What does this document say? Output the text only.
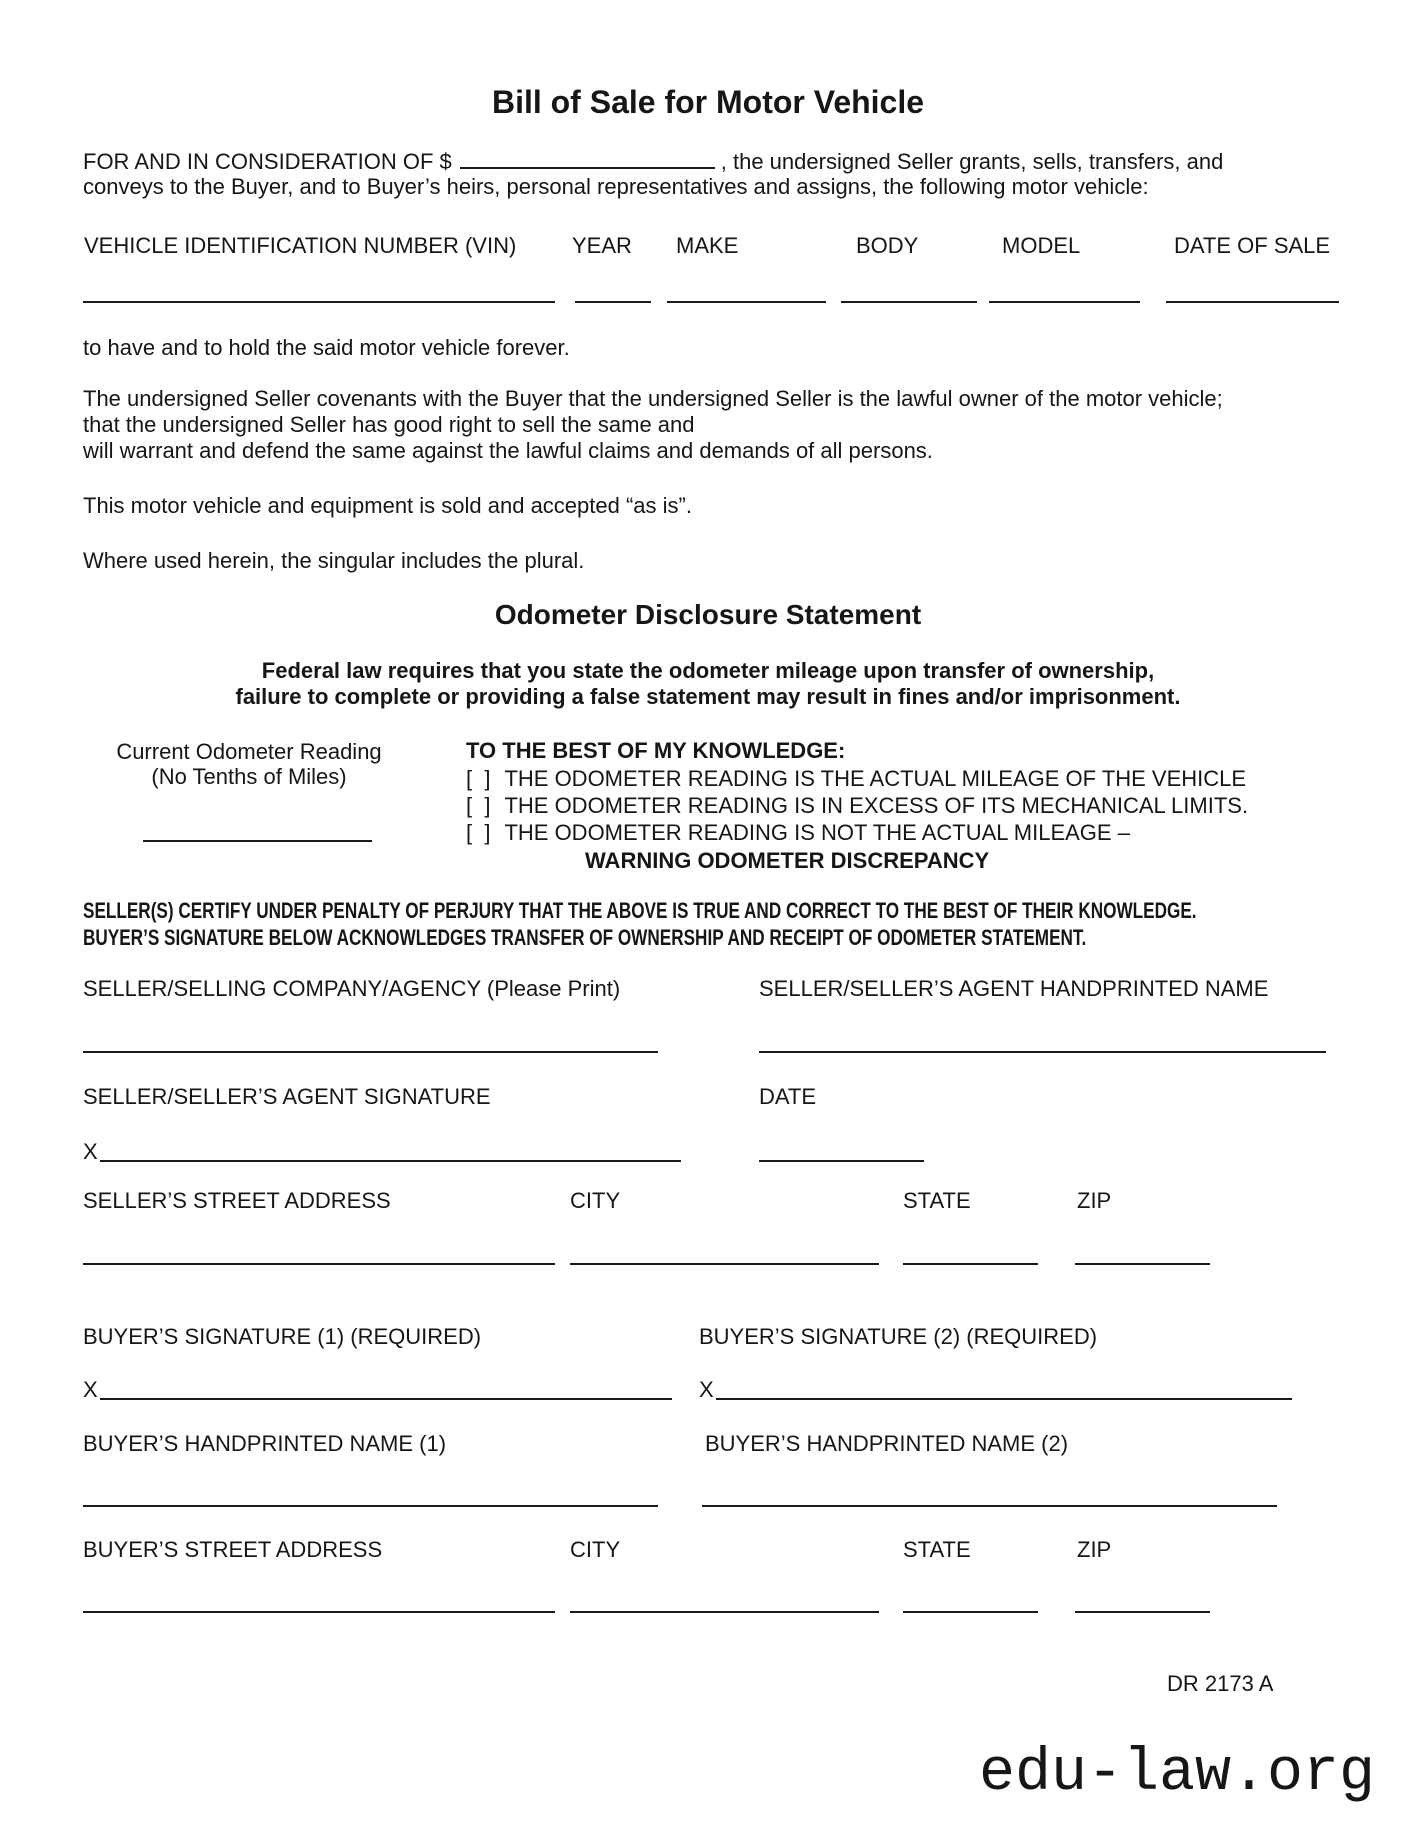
Bill of Sale for Motor Vehicle
FOR AND IN CONSIDERATION OF $	, the undersigned Seller grants, sells, transfers, and
conveys to the Buyer, and to Buyer’s heirs, personal representatives and assigns, the following motor vehicle:
VEHICLE IDENTIFICATION NUMBER (VIN)	YEAR MAKE	BODY	MODEL	DATE OF SALE
to have and to hold the said motor vehicle forever.
The undersigned Seller covenants with the Buyer that the undersigned Seller is the lawful owner of the motor vehicle;
that the undersigned Seller has good right to sell the same and
will warrant and defend the same against the lawful claims and demands of all persons.
This motor vehicle and equipment is sold and accepted “as is”.
Where used herein, the singular includes the plural.
Odometer Disclosure Statement
Federal law requires that you state the odometer mileage upon transfer of ownership,
failure to complete or providing a false statement may result in fines and/or imprisonment.
Current Odometer Reading
(No Tenths of Miles)
TO THE BEST OF MY KNOWLEDGE:
[  ] THE ODOMETER READING IS THE ACTUAL MILEAGE OF THE VEHICLE
[  ] THE ODOMETER READING IS IN EXCESS OF ITS MECHANICAL LIMITS.
[  ] THE ODOMETER READING IS NOT THE ACTUAL MILEAGE –
WARNING ODOMETER DISCREPANCY
SELLER(S) CERTIFY UNDER PENALTY OF PERJURY THAT THE ABOVE IS TRUE AND CORRECT TO THE BEST OF THEIR KNOWLEDGE.
BUYER’S SIGNATURE BELOW ACKNOWLEDGES TRANSFER OF OWNERSHIP AND RECEIPT OF ODOMETER STATEMENT.
SELLER/SELLING COMPANY/AGENCY (Please Print)	SELLER/SELLER’S AGENT HANDPRINTED NAME
SELLER/SELLER’S AGENT SIGNATURE	DATE
X
SELLER’S STREET ADDRESS	CITY	STATE	ZIP
BUYER’S SIGNATURE (1) (REQUIRED)	BUYER’S SIGNATURE (2) (REQUIRED)
X	X
BUYER’S HANDPRINTED NAME (1)	BUYER’S HANDPRINTED NAME (2)
BUYER’S STREET ADDRESS	CITY	STATE	ZIP
DR 2173 A
edu-law.org
